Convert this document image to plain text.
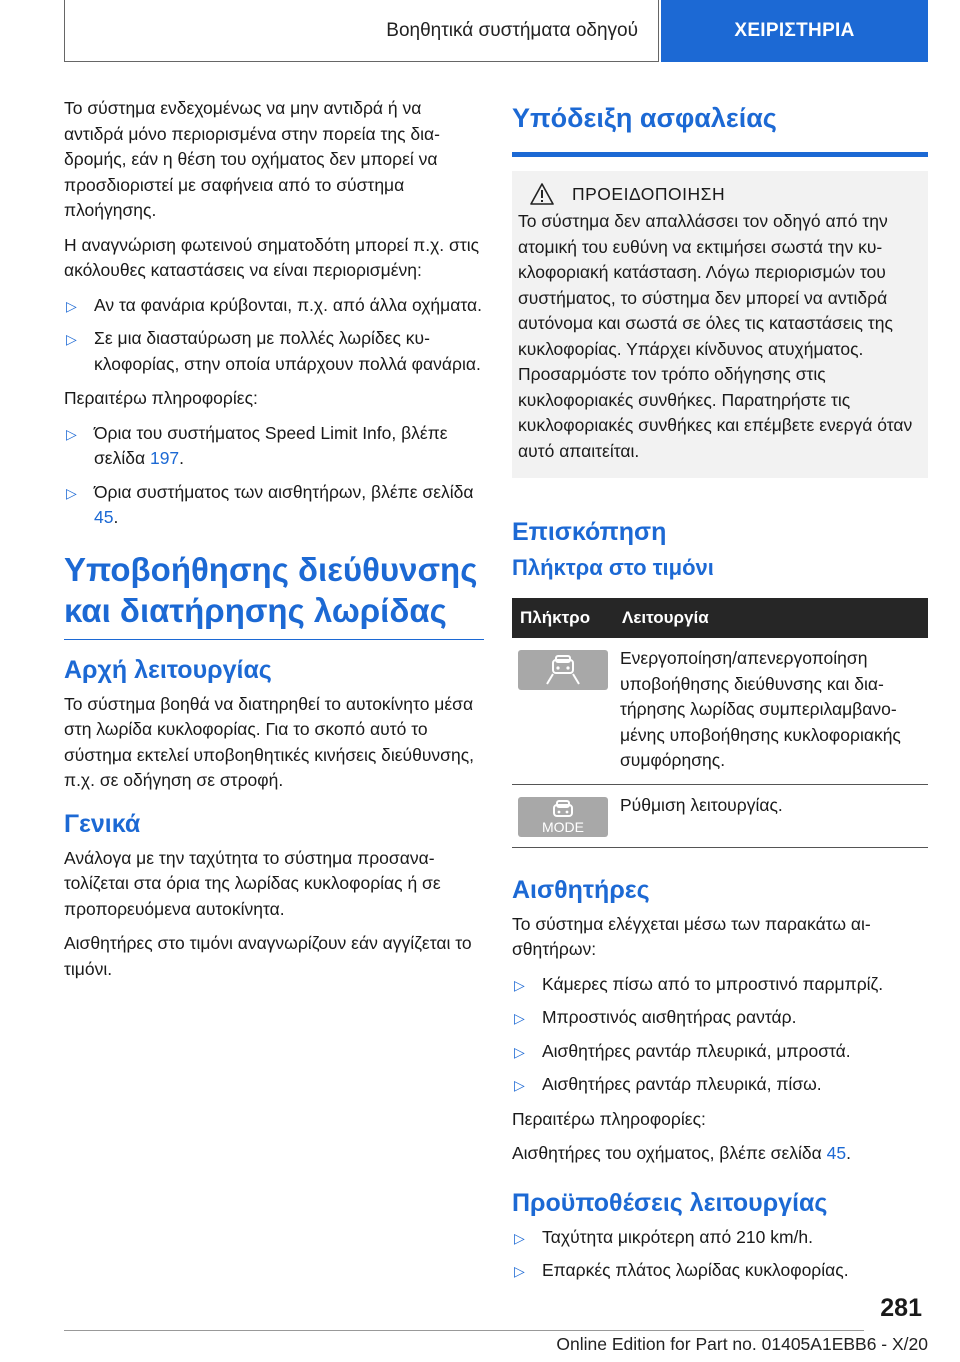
Βοηθητικά συστήματα οδηγού	ΧΕΙΡΙΣΤΗΡΙΑ

Το σύστημα ενδεχομένως να μην αντιδρά ή να αντιδρά μόνο περιορισμένα στην πορεία της διαδρομής, εάν η θέση του οχήματος δεν μπορεί να προσδιοριστεί με σαφήνεια από το σύστημα πλοήγησης.

Η αναγνώριση φωτεινού σηματοδότη μπορεί π.χ. στις ακόλουθες καταστάσεις να είναι περιορισμένη:

▷ Αν τα φανάρια κρύβονται, π.χ. από άλλα οχήματα.
▷ Σε μια διασταύρωση με πολλές λωρίδες κυκλοφορίας, στην οποία υπάρχουν πολλά φανάρια.

Περαιτέρω πληροφορίες:

▷ Όρια του συστήματος Speed Limit Info, βλέπε σελίδα 197.
▷ Όρια συστήματος των αισθητήρων, βλέπε σελίδα 45.
Υποβοήθησης διεύθυνσης και διατήρησης λωρίδας
Αρχή λειτουργίας

Το σύστημα βοηθά να διατηρηθεί το αυτοκίνητο μέσα στη λωρίδα κυκλοφορίας. Για το σκοπό αυτό το σύστημα εκτελεί υποβοηθητικές κινήσεις διεύθυνσης, π.χ. σε οδήγηση σε στροφή.

Γενικά

Ανάλογα με την ταχύτητα το σύστημα προσανατολίζεται στα όρια της λωρίδας κυκλοφορίας ή σε προπορευόμενα αυτοκίνητα.

Αισθητήρες στο τιμόνι αναγνωρίζουν εάν αγγίζεται το τιμόνι.

Υπόδειξη ασφαλείας
ΠΡΟΕΙΔΟΠΟΙΗΣΗ

Το σύστημα δεν απαλλάσσει τον οδηγό από την ατομική του ευθύνη να εκτιμήσει σωστά την κυκλοφοριακή κατάσταση. Λόγω περιορισμών του συστήματος, το σύστημα δεν μπορεί να αντιδρά αυτόνομα και σωστά σε όλες τις καταστάσεις της κυκλοφορίας. Υπάρχει κίνδυνος ατυχήματος. Προσαρμόστε τον τρόπο οδήγησης στις κυκλοφοριακές συνθήκες. Παρατηρήστε τις κυκλοφοριακές συνθήκες και επέμβετε ενεργά όταν αυτό απαιτείται.

Επισκόπηση
Πλήκτρα στο τιμόνι
Πλήκτρο	Λειτουργία

	Ενεργοποίηση/απενεργοποίηση υποβοήθησης διεύθυνσης και διατήρησης λωρίδας συμπεριλαμβανομένης υποβοήθησης κυκλοφοριακής συμφόρησης.

MODE	Ρύθμιση λειτουργίας.
Αισθητήρες

Το σύστημα ελέγχεται μέσω των παρακάτω αισθητήρων:

▷ Κάμερες πίσω από το μπροστινό παρμπρίζ.
▷ Μπροστινός αισθητήρας ραντάρ.
▷ Αισθητήρες ραντάρ πλευρικά, μπροστά.
▷ Αισθητήρες ραντάρ πλευρικά, πίσω.

Περαιτέρω πληροφορίες:

Αισθητήρες του οχήματος, βλέπε σελίδα 45.

Προϋποθέσεις λειτουργίας
▷ Ταχύτητα μικρότερη από 210 km/h.
▷ Επαρκές πλάτος λωρίδας κυκλοφορίας.
281
Online Edition for Part no. 01405A1EBB6 - X/20
